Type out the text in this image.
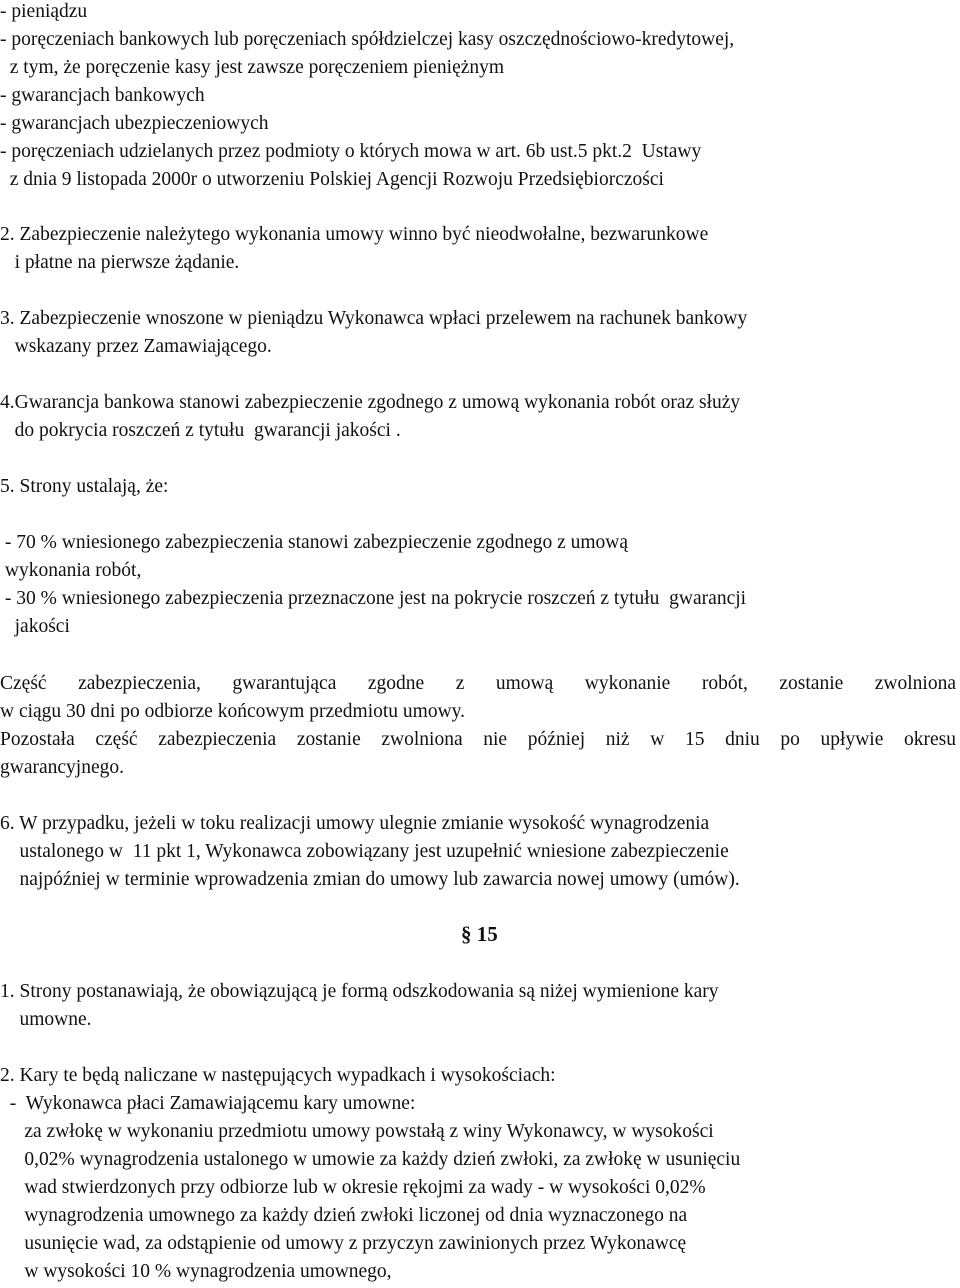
- pieniądzu
- poręczeniach bankowych lub poręczeniach spółdzielczej kasy oszczędnościowo-kredytowej,
z tym, że poręczenie kasy jest zawsze poręczeniem pieniężnym
- gwarancjach bankowych
- gwarancjach ubezpieczeniowych
- poręczeniach udzielanych przez podmioty o których mowa w art. 6b ust.5 pkt.2  Ustawy
z dnia 9 listopada 2000r o utworzeniu Polskiej Agencji Rozwoju Przedsiębiorczości
2. Zabezpieczenie należytego wykonania umowy winno być nieodwołalne, bezwarunkowe
i płatne na pierwsze żądanie.
3. Zabezpieczenie wnoszone w pieniądzu Wykonawca wpłaci przelewem na rachunek bankowy
wskazany przez Zamawiającego.
4.Gwarancja bankowa stanowi zabezpieczenie zgodnego z umową wykonania robót oraz służy
do pokrycia roszczeń z tytułu  gwarancji jakości .
5. Strony ustalają, że:
- 70 % wniesionego zabezpieczenia stanowi zabezpieczenie zgodnego z umową
wykonania robót,
- 30 % wniesionego zabezpieczenia przeznaczone jest na pokrycie roszczeń z tytułu  gwarancji
jakości
Część zabezpieczenia, gwarantująca zgodne z umową wykonanie robót, zostanie zwolniona
w ciągu 30 dni po odbiorze końcowym przedmiotu umowy.
Pozostała część zabezpieczenia zostanie zwolniona nie później niż w 15 dniu po upływie okresu
gwarancyjnego.
6. W przypadku, jeżeli w toku realizacji umowy ulegnie zmianie wysokość wynagrodzenia
ustalonego w  11 pkt 1, Wykonawca zobowiązany jest uzupełnić wniesione zabezpieczenie
najpóźniej w terminie wprowadzenia zmian do umowy lub zawarcia nowej umowy (umów).
§ 15
1. Strony postanawiają, że obowiązującą je formą odszkodowania są niżej wymienione kary
umowne.
2. Kary te będą naliczane w następujących wypadkach i wysokościach:
-  Wykonawca płaci Zamawiającemu kary umowne:
za zwłokę w wykonaniu przedmiotu umowy powstałą z winy Wykonawcy, w wysokości
0,02% wynagrodzenia ustalonego w umowie za każdy dzień zwłoki, za zwłokę w usunięciu
wad stwierdzonych przy odbiorze lub w okresie rękojmi za wady - w wysokości 0,02%
wynagrodzenia umownego za każdy dzień zwłoki liczonej od dnia wyznaczonego na
usunięcie wad, za odstąpienie od umowy z przyczyn zawinionych przez Wykonawcę
w wysokości 10 % wynagrodzenia umownego,
